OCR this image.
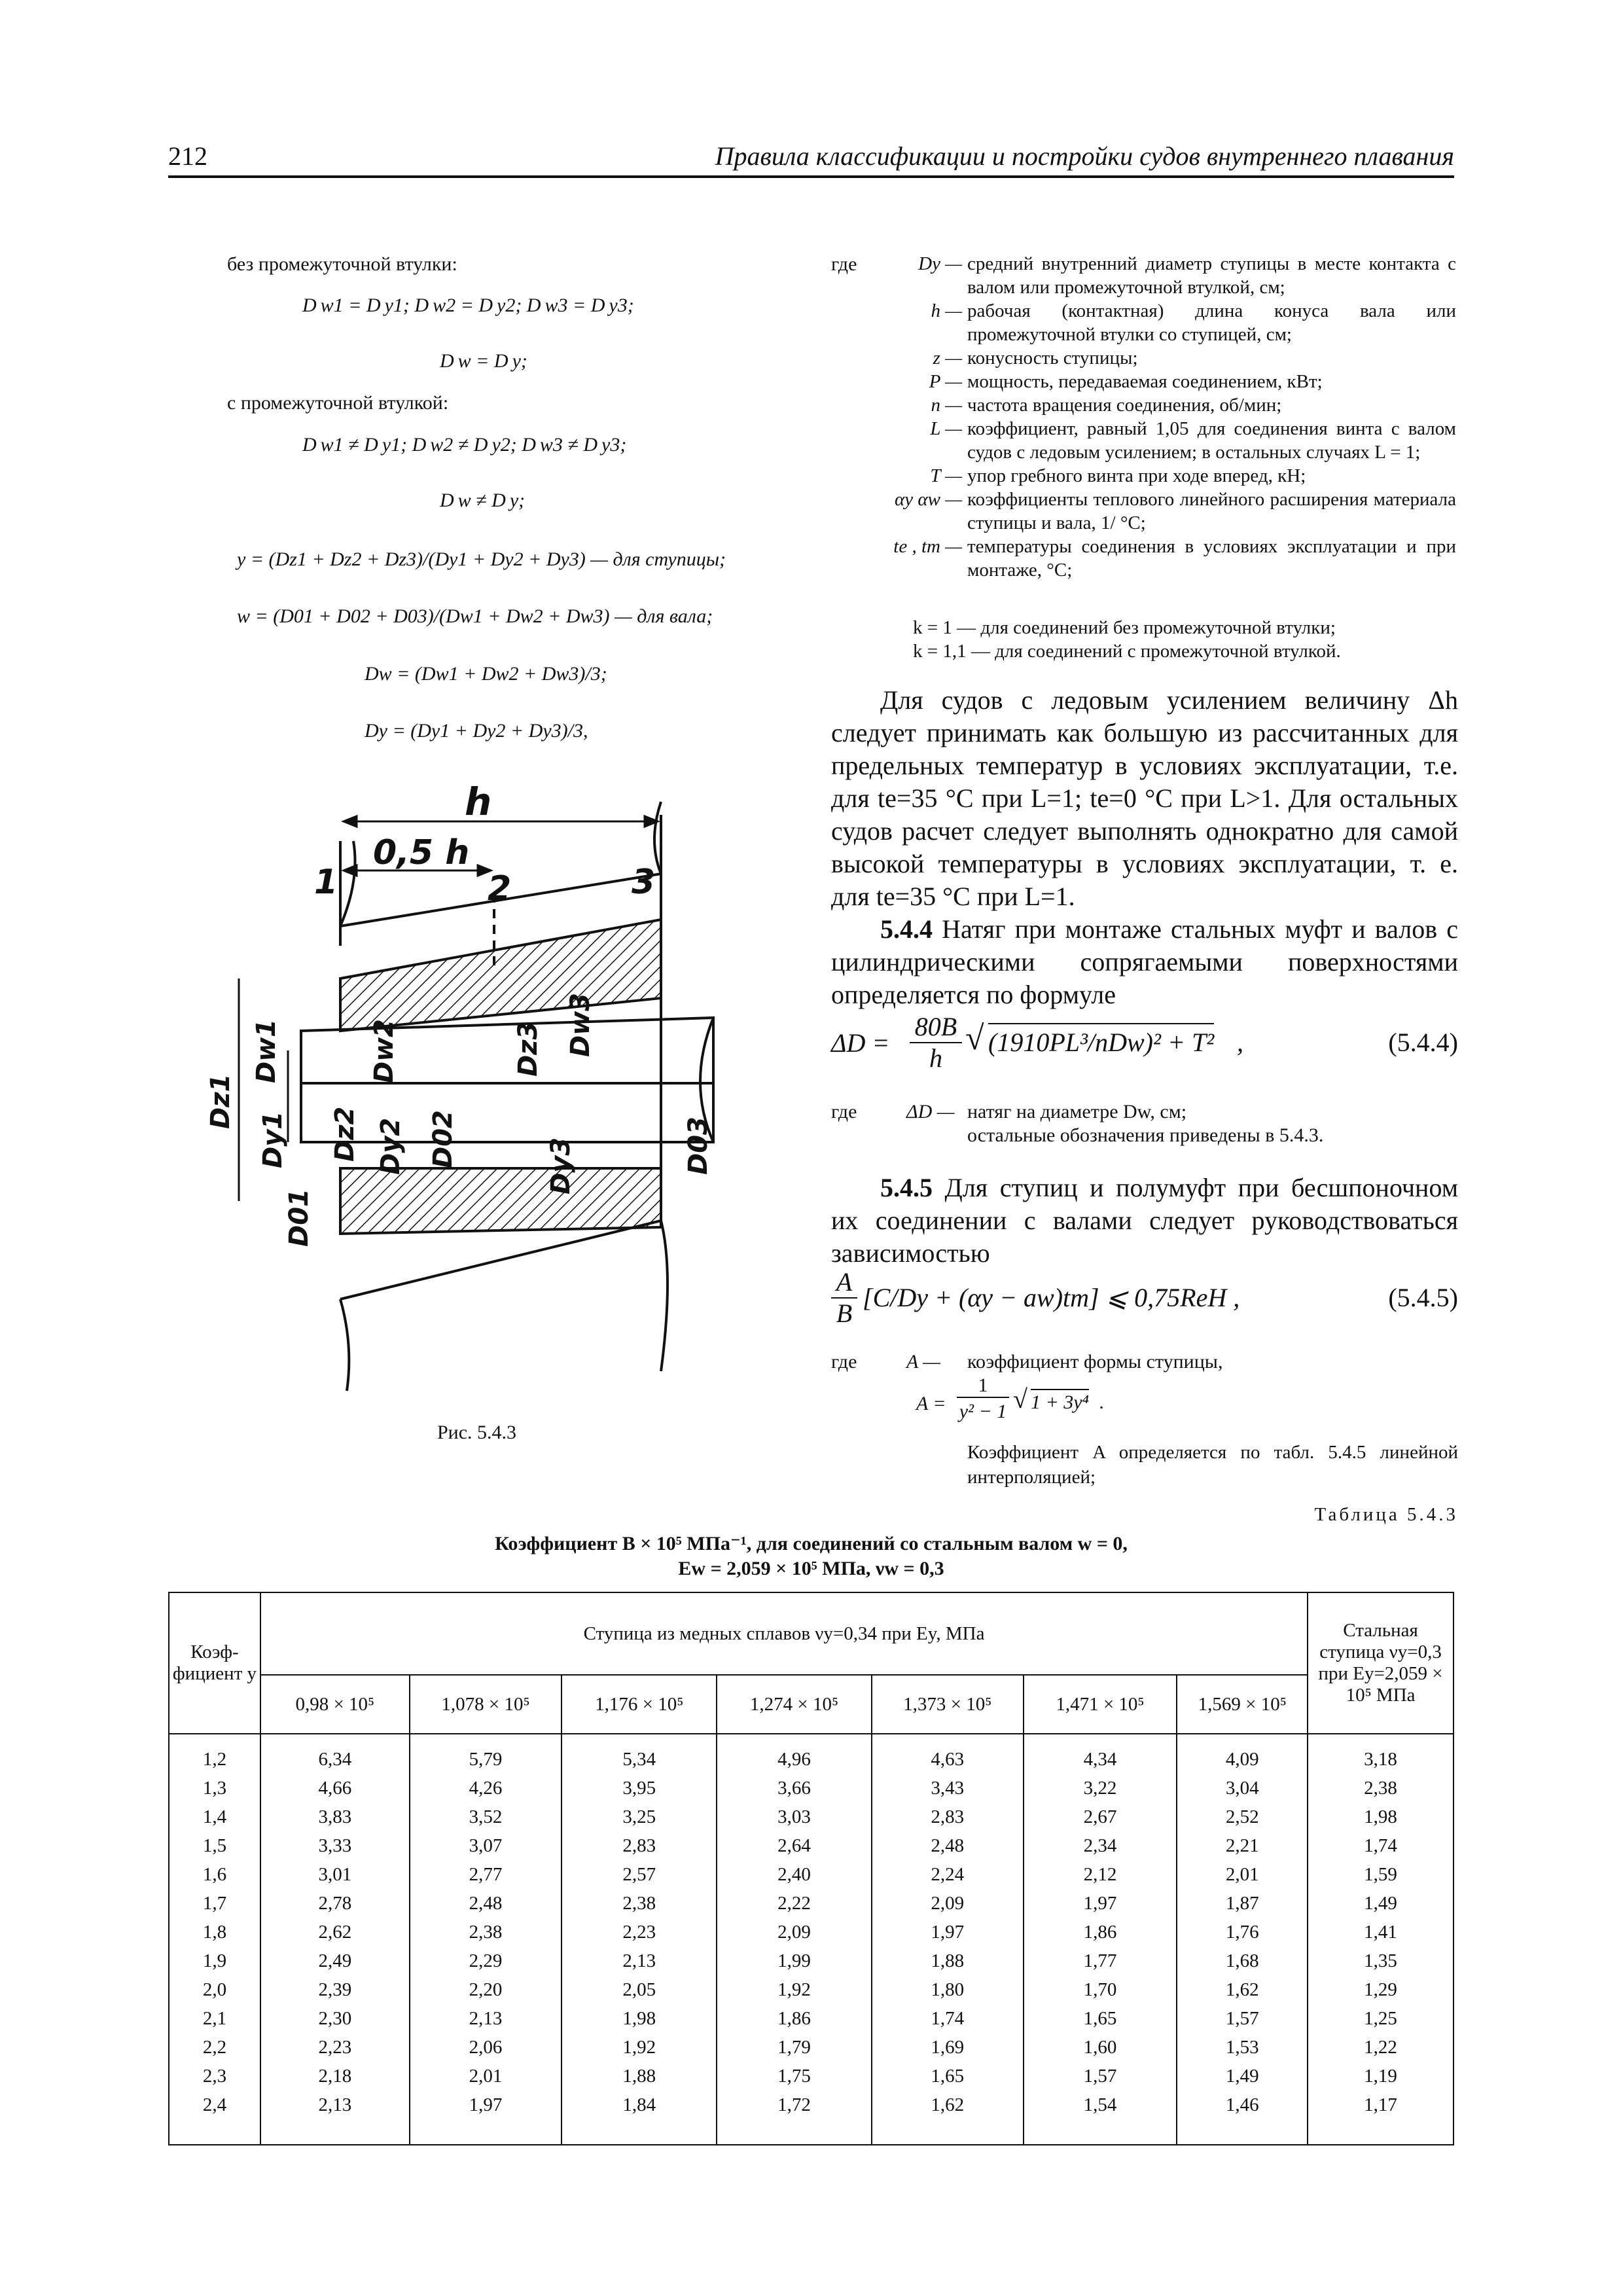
212	Правила классификации и постройки судов внутреннего плавания
без промежуточной втулки:
D w1 = D y1; D w2 = D y2; D w3 = D y3;
D w = D y;
с промежуточной втулкой:
D w1 ≠ D y1; D w2 ≠ D y2; D w3 ≠ D y3;
D w ≠ D y;
y = (Dz1 + Dz2 + Dz3)/(Dy1 + Dy2 + Dy3) — для ступицы;
w = (D01 + D02 + D03)/(Dw1 + Dw2 + Dw3) — для вала;
Dw = (Dw1 + Dw2 + Dw3)/3;
Dy = (Dy1 + Dy2 + Dy3)/3,
h
0,5 h
1	2	3
Dz1
Dw1
Dy1
D01
Dz2
Dw2
Dy2 D02
Dz3 Dw3
Dy3	D03
Рис. 5.4.3
где	Dy — средний внутренний диаметр ступицы в месте контакта с валом или промежуточной втулкой, см;
h — рабочая (контактная) длина конуса вала или промежуточной втулки со ступицей, см;
z — конусность ступицы;
P — мощность, передаваемая соединением, кВт;
n — частота вращения соединения, об/мин;
L — коэффициент, равный 1,05 для соединения винта с валом судов с ледовым усилением; в остальных случаях L = 1;
T — упор гребного винта при ходе вперед, кН;
αy αw — коэффициенты теплового линейного расширения материала ступицы и вала, 1/ °С;
te , tm — температуры соединения в условиях эксплуатации и при монтаже, °С;
k = 1 — для соединений без промежуточной втулки;
k = 1,1 — для соединений с промежуточной втулкой.
Для судов с ледовым усилением величину Δh следует принимать как большую из рассчитанных для предельных температур в условиях эксплуатации, т.е. для te=35 °С при L=1; te=0 °С при L>1. Для остальных судов расчет следует выполнять однократно для самой высокой температуры в условиях эксплуатации, т. е. для te=35 °С при L=1.
5.4.4 Натяг при монтаже стальных муфт и валов с цилиндрическими сопрягаемыми поверхностями определяется по формуле
ΔD =
80B
h
√ (1910PL³/nDw)² + T² ,	(5.4.4)
где	ΔD — натяг на диаметре Dw, см;
остальные обозначения приведены в 5.4.3.
5.4.5 Для ступиц и полумуфт при бесшпоночном их соединении с валами следует руководствоваться зависимостью
A
B
[C/Dy + (αy − aw)tm] ⩽ 0,75ReH ,	(5.4.5)
где	A — коэффициент формы ступицы,
A =
1
y² − 1 √ 1 + 3y⁴ .
Коэффициент A определяется по табл. 5.4.5 линейной интерполяцией;
Таблица 5.4.3
Коэффициент B × 10⁵ МПа⁻¹, для соединений со стальным валом w = 0,
Ew = 2,059 × 10⁵ МПа, νw = 0,3
Коэф-фициент y	Ступица из медных сплавов νy=0,34 при Ey, МПа							Стальная ступица νy=0,3 при Ey=2,059 × 10⁵ МПа
	0,98 × 10⁵	1,078 × 10⁵	1,176 × 10⁵	1,274 × 10⁵	1,373 × 10⁵	1,471 × 10⁵	1,569 × 10⁵	
1,2	6,34	5,79	5,34	4,96	4,63	4,34	4,09	3,18
1,3	4,66	4,26	3,95	3,66	3,43	3,22	3,04	2,38
1,4	3,83	3,52	3,25	3,03	2,83	2,67	2,52	1,98
1,5	3,33	3,07	2,83	2,64	2,48	2,34	2,21	1,74
1,6	3,01	2,77	2,57	2,40	2,24	2,12	2,01	1,59
1,7	2,78	2,48	2,38	2,22	2,09	1,97	1,87	1,49
1,8	2,62	2,38	2,23	2,09	1,97	1,86	1,76	1,41
1,9	2,49	2,29	2,13	1,99	1,88	1,77	1,68	1,35
2,0	2,39	2,20	2,05	1,92	1,80	1,70	1,62	1,29
2,1	2,30	2,13	1,98	1,86	1,74	1,65	1,57	1,25
2,2	2,23	2,06	1,92	1,79	1,69	1,60	1,53	1,22
2,3	2,18	2,01	1,88	1,75	1,65	1,57	1,49	1,19
2,4	2,13	1,97	1,84	1,72	1,62	1,54	1,46	1,17
